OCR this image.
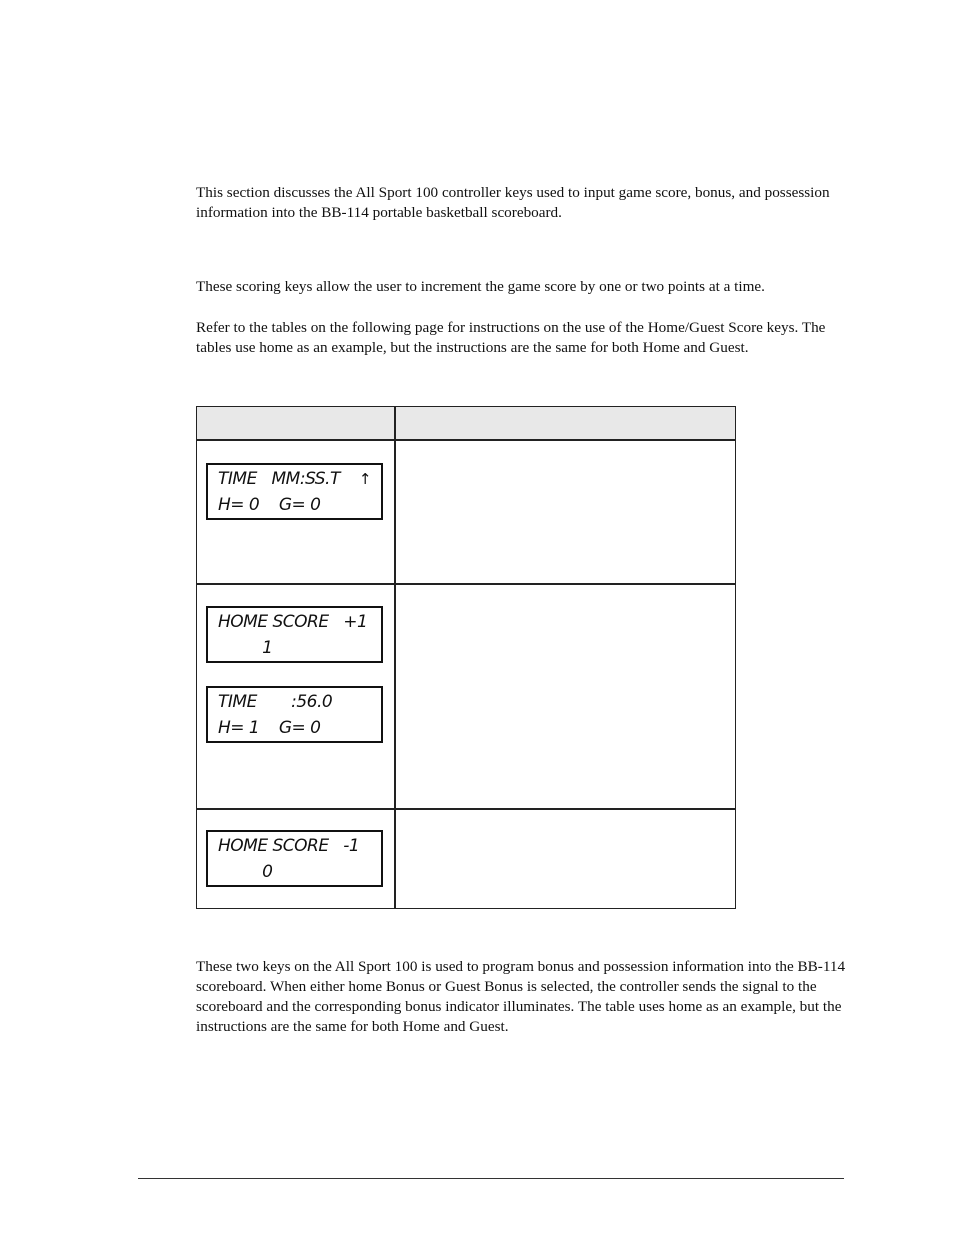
This section discusses the All Sport 100 controller keys used to input game score, bonus, and possession information into the BB-114 portable basketball scoreboard.

These scoring keys allow the user to increment the game score by one or two points at a time.

Refer to the tables on the following page for instructions on the use of the Home/Guest Score keys. The tables use home as an example, but the instructions are the same for both Home and Guest.

TIME   MM:SS.T ↑
H= 0    G= 0
HOME SCORE   +1
1
TIME       :56.0
H= 1    G= 0
HOME SCORE   -1
0

These two keys on the All Sport 100 is used to program bonus and possession information into the BB-114 scoreboard. When either home Bonus or Guest Bonus is selected, the controller sends the signal to the scoreboard and the corresponding bonus indicator illuminates. The table uses home as an example, but the instructions are the same for both Home and Guest.
